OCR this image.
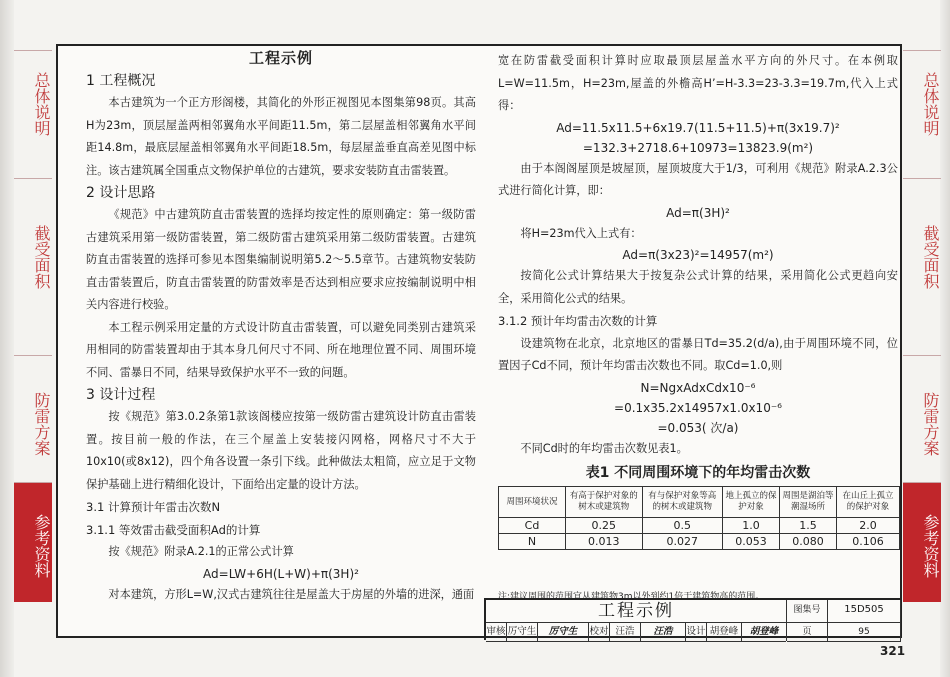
总体说明
截受面积
防雷方案
参考资料
总体说明
截受面积
防雷方案
参考资料
工程示例
1 工程概况
本古建筑为一个正方形阁楼，其简化的外形正视图见本图集第98页。其高H为23m，顶层屋盖两相邻翼角水平间距11.5m，第二层屋盖相邻翼角水平间距14.8m，最底层屋盖相邻翼角水平间距18.5m，每层屋盖垂直高差见图中标注。该古建筑属全国重点文物保护单位的古建筑，要求安装防直击雷装置。
2 设计思路
《规范》中古建筑防直击雷装置的选择均按定性的原则确定：第一级防雷古建筑采用第一级防雷装置，第二级防雷古建筑采用第二级防雷装置。古建筑防直击雷装置的选择可参见本图集编制说明第5.2～5.5章节。古建筑物安装防直击雷装置后，防直击雷装置的防雷效率是否达到相应要求应按编制说明中相关内容进行校验。
本工程示例采用定量的方式设计防直击雷装置，可以避免同类别古建筑采用相同的防雷装置却由于其本身几何尺寸不同、所在地理位置不同、周围环境不同、雷暴日不同，结果导致保护水平不一致的问题。
3 设计过程
按《规范》第3.0.2条第1款该阁楼应按第一级防雷古建筑设计防直击雷装置。按目前一般的作法，在三个屋盖上安装接闪网格，网格尺寸不大于10x10(或8x12)，四个角各设置一条引下线。此种做法太粗简，应立足于文物保护基础上进行精细化设计，下面给出定量的设计方法。
3.1 计算预计年雷击次数N
3.1.1 等效雷击截受面积Ad的计算
按《规范》附录A.2.1的正常公式计算
Ad=LW+6H(L+W)+π(3H)²
对本建筑，方形L=W,汉式古建筑往往是屋盖大于房屋的外墙的进深，通面
宽在防雷截受面积计算时应取最顶层屋盖水平方向的外尺寸。在本例取L=W=11.5m，H=23m,屋盖的外檐高H’=H-3.3=23-3.3=19.7m,代入上式得：
Ad=11.5x11.5+6x19.7(11.5+11.5)+π(3x19.7)²
=132.3+2718.6+10973=13823.9(m²)
由于本阁阁屋顶是坡屋顶，屋顶坡度大于1/3，可利用《规范》附录A.2.3公式进行简化计算，即：
Ad=π(3H)²
将H=23m代入上式有：
Ad=π(3x23)²=14957(m²)
按简化公式计算结果大于按复杂公式计算的结果，采用简化公式更趋向安全，采用简化公式的结果。
3.1.2 预计年均雷击次数的计算
设建筑物在北京，北京地区的雷暴日Td=35.2(d/a),由于周围环境不同，位置因子Cd不同，预计年均雷击次数也不同。取Cd=1.0,则
N=NgxAdxCdx10⁻⁶
=0.1x35.2x14957x1.0x10⁻⁶
=0.053( 次/a)
不同Cd时的年均雷击次数见表1。
表1 不同周围环境下的年均雷击次数
周围环境状况	有高于保护对象的树木或建筑物	有与保护对象等高的树木或建筑物	地上孤立的保护对象	周围是湖泊等潮湿场所	在山丘上孤立的保护对象
Cd	0.25	0.5	1.0	1.5	2.0
N	0.013	0.027	0.053	0.080	0.106
注:建议周围的范围宜从建筑物3m以外到约1倍于建筑物高的范围。
工程示例	图集号	15D505
审核 厉守生	厉守生	校对 汪浩	汪浩	设计 胡登峰	胡登峰	页	95
321
